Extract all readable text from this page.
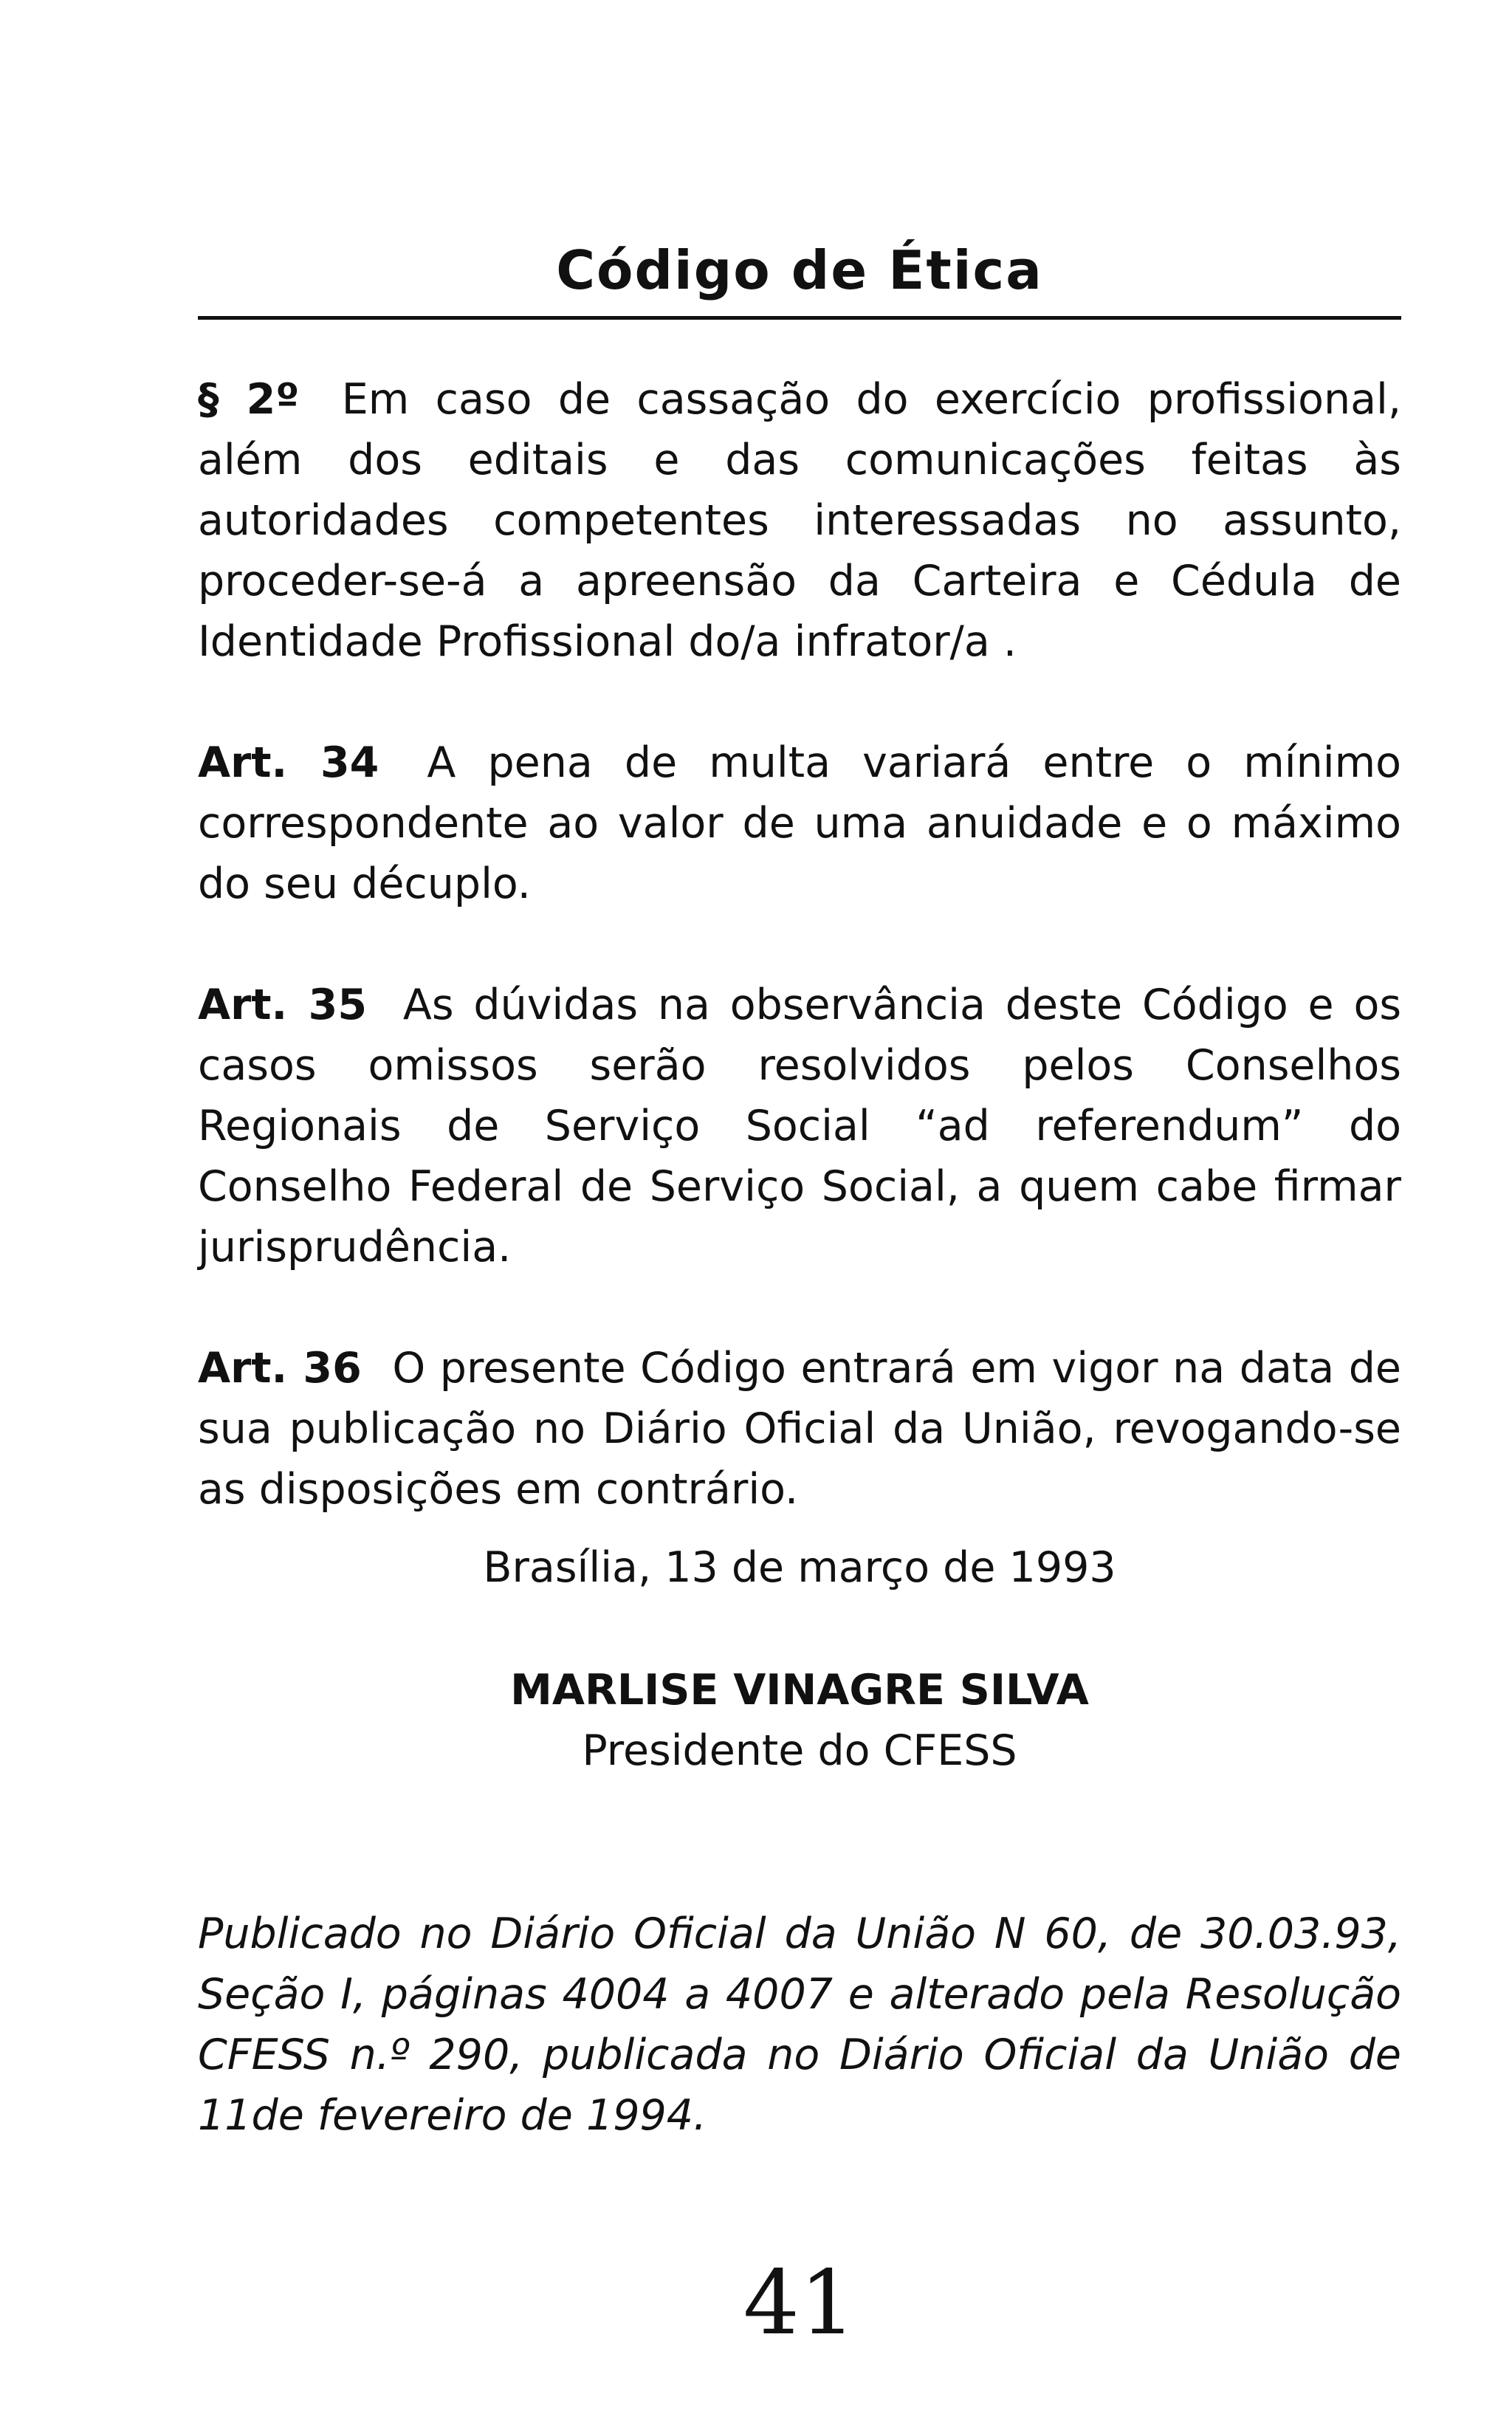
Código de Ética

§ 2º Em caso de cassação do exercício profissional, além dos editais e das comunicações feitas às autoridades competentes interessadas no assunto, proceder-se-á a apreensão da Carteira e Cédula de Identidade Profissional do/a infrator/a .

Art. 34 A pena de multa variará entre o mínimo correspondente ao valor de uma anuidade e o máximo do seu décuplo.

Art. 35 As dúvidas na observância deste Código e os casos omissos serão resolvidos pelos Conselhos Regionais de Serviço Social “ad referendum” do Conselho Federal de Serviço Social, a quem cabe firmar jurisprudência.

Art. 36 O presente Código entrará em vigor na data de sua publicação no Diário Oficial da União, revogando-se as disposições em contrário.

Brasília, 13 de março de 1993
MARLISE VINAGRE SILVA
Presidente do CFESS
Publicado no Diário Oficial da União N 60, de 30.03.93, Seção I, páginas 4004 a 4007 e alterado pela Resolução CFESS n.º 290, publicada no Diário Oficial da União de 11de fevereiro de 1994.
41
